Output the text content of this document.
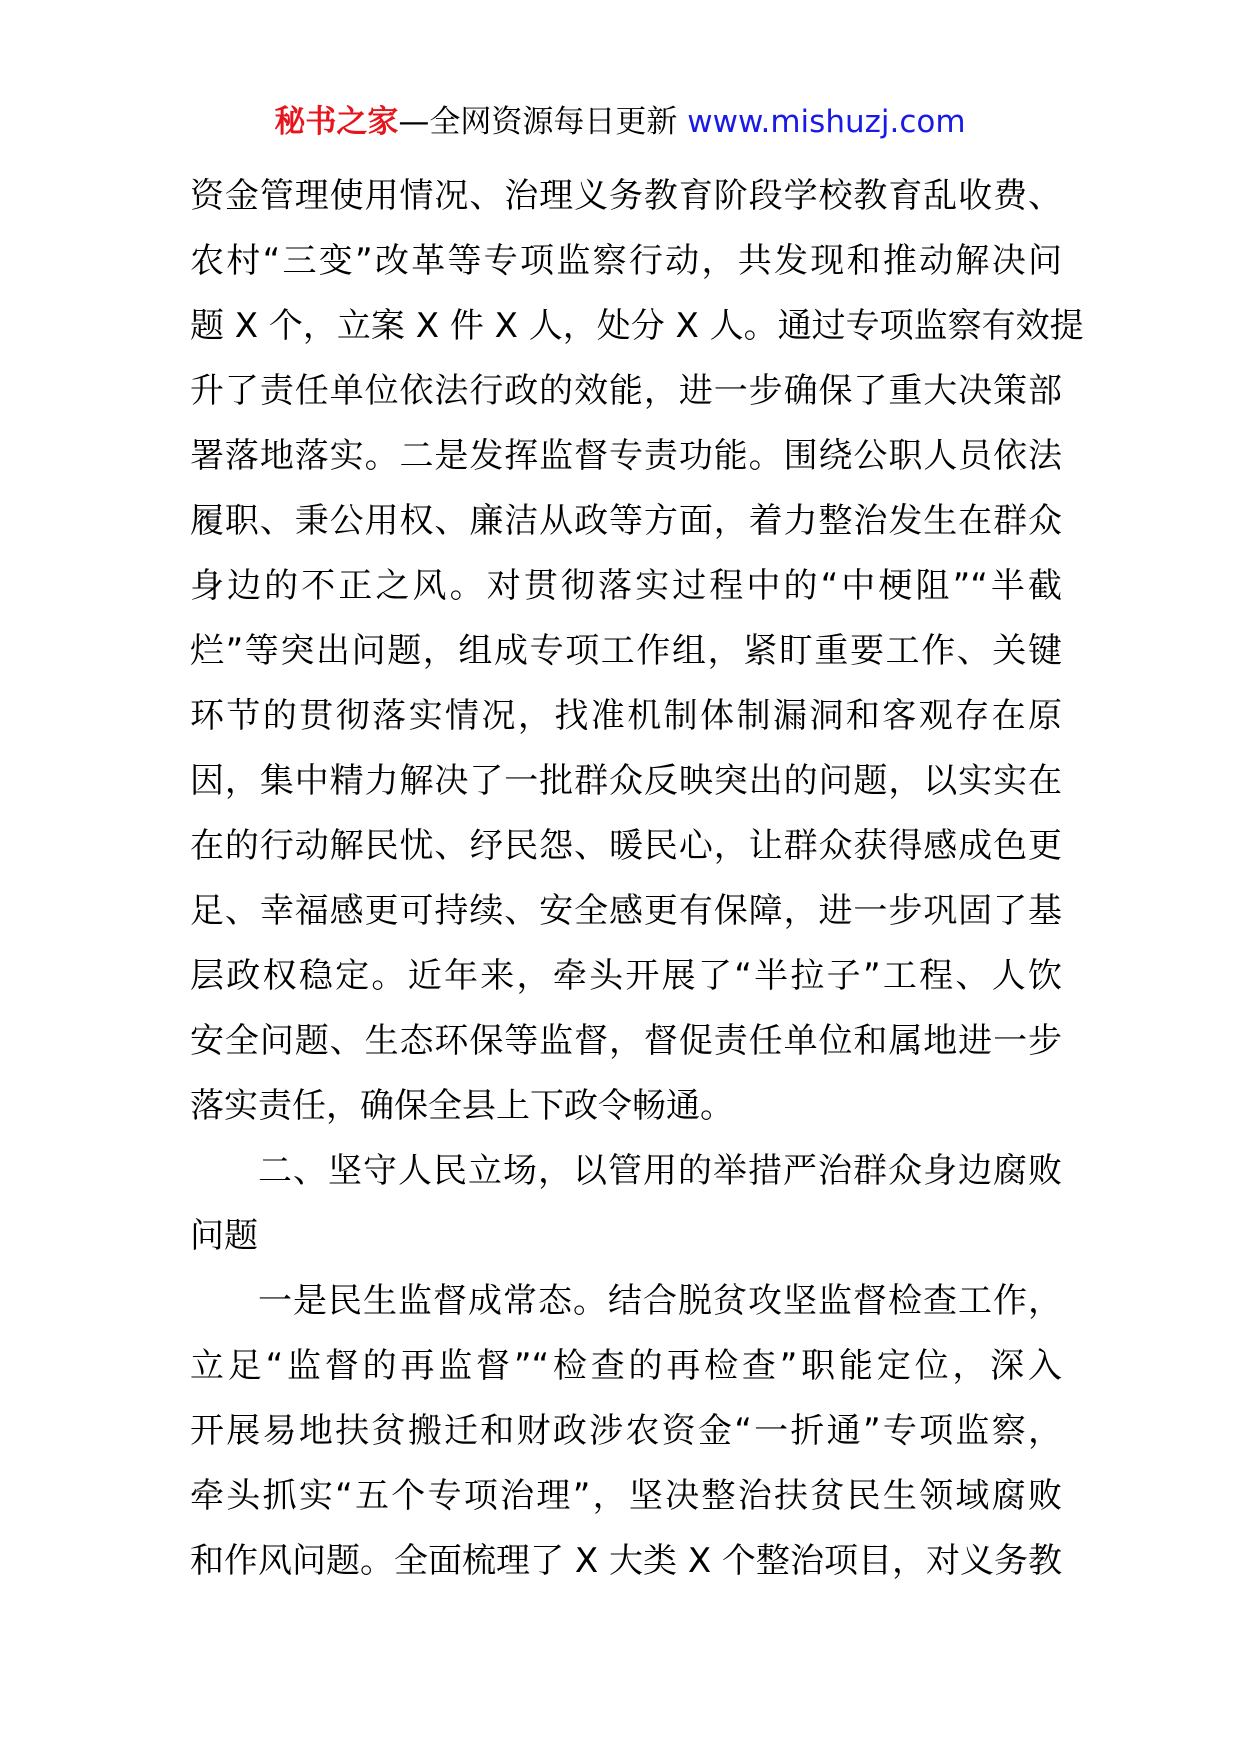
秘书之家—全网资源每日更新 www.mishuzj.com
资金管理使用情况、治理义务教育阶段学校教育乱收费、
农村“三变”改革等专项监察行动，共发现和推动解决问
题 X 个，立案 X 件 X 人，处分 X 人。通过专项监察有效提
升了责任单位依法行政的效能，进一步确保了重大决策部
署落地落实。二是发挥监督专责功能。围绕公职人员依法
履职、秉公用权、廉洁从政等方面，着力整治发生在群众
身边的不正之风。对贯彻落实过程中的“中梗阻”“半截
烂”等突出问题，组成专项工作组，紧盯重要工作、关键
环节的贯彻落实情况，找准机制体制漏洞和客观存在原
因，集中精力解决了一批群众反映突出的问题，以实实在
在的行动解民忧、纾民怨、暖民心，让群众获得感成色更
足、幸福感更可持续、安全感更有保障，进一步巩固了基
层政权稳定。近年来，牵头开展了“半拉子”工程、人饮
安全问题、生态环保等监督，督促责任单位和属地进一步
落实责任，确保全县上下政令畅通。
二、坚守人民立场，以管用的举措严治群众身边腐败
问题
一是民生监督成常态。结合脱贫攻坚监督检查工作，
立足“监督的再监督”“检查的再检查”职能定位，深入
开展易地扶贫搬迁和财政涉农资金“一折通”专项监察，
牵头抓实“五个专项治理”，坚决整治扶贫民生领域腐败
和作风问题。全面梳理了 X 大类 X 个整治项目，对义务教
